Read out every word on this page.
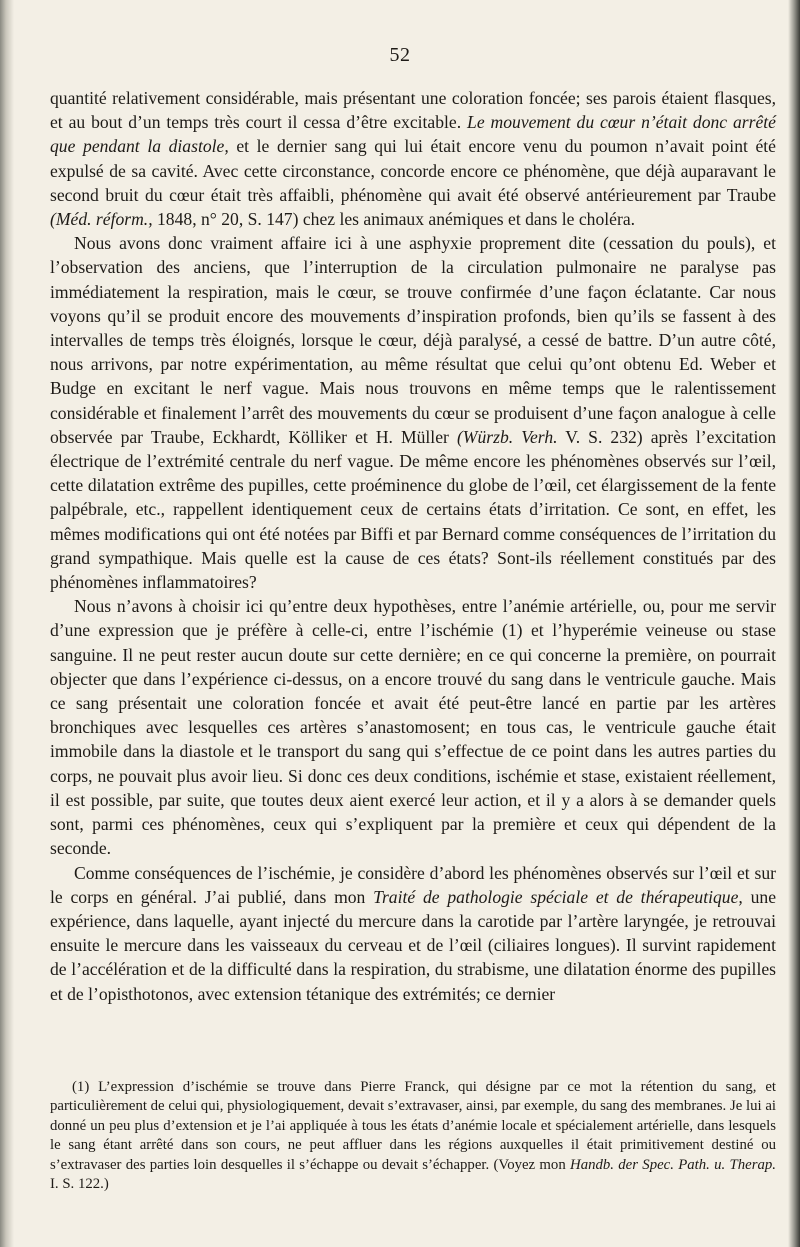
52

quantité relativement considérable, mais présentant une coloration foncée; ses parois étaient flasques, et au bout d’un temps très court il cessa d’être excitable. Le mouvement du cœur n’était donc arrêté que pendant la diastole, et le dernier sang qui lui était encore venu du poumon n’avait point été expulsé de sa cavité. Avec cette circonstance, concorde encore ce phénomène, que déjà auparavant le second bruit du cœur était très affaibli, phénomène qui avait été observé antérieurement par Traube (Méd. réform., 1848, n° 20, S. 147) chez les animaux anémiques et dans le choléra.

Nous avons donc vraiment affaire ici à une asphyxie proprement dite (cessation du pouls), et l’observation des anciens, que l’interruption de la circulation pulmonaire ne paralyse pas immédiatement la respiration, mais le cœur, se trouve confirmée d’une façon éclatante. Car nous voyons qu’il se produit encore des mouvements d’inspiration profonds, bien qu’ils se fassent à des intervalles de temps très éloignés, lorsque le cœur, déjà paralysé, a cessé de battre. D’un autre côté, nous arrivons, par notre expérimentation, au même résultat que celui qu’ont obtenu Ed. Weber et Budge en excitant le nerf vague. Mais nous trouvons en même temps que le ralentissement considérable et finalement l’arrêt des mouvements du cœur se produisent d’une façon analogue à celle observée par Traube, Eckhardt, Kölliker et H. Müller (Würzb. Verh. V. S. 232) après l’excitation électrique de l’extrémité centrale du nerf vague. De même encore les phénomènes observés sur l’œil, cette dilatation extrême des pupilles, cette proéminence du globe de l’œil, cet élargissement de la fente palpébrale, etc., rappellent identiquement ceux de certains états d’irritation. Ce sont, en effet, les mêmes modifications qui ont été notées par Biffi et par Bernard comme conséquences de l’irritation du grand sympathique. Mais quelle est la cause de ces états? Sont-ils réellement constitués par des phénomènes inflammatoires?

Nous n’avons à choisir ici qu’entre deux hypothèses, entre l’anémie artérielle, ou, pour me servir d’une expression que je préfère à celle-ci, entre l’ischémie (1) et l’hyperémie veineuse ou stase sanguine. Il ne peut rester aucun doute sur cette dernière; en ce qui concerne la première, on pourrait objecter que dans l’expérience ci-dessus, on a encore trouvé du sang dans le ventricule gauche. Mais ce sang présentait une coloration foncée et avait été peut-être lancé en partie par les artères bronchiques avec lesquelles ces artères s’anastomosent; en tous cas, le ventricule gauche était immobile dans la diastole et le transport du sang qui s’effectue de ce point dans les autres parties du corps, ne pouvait plus avoir lieu. Si donc ces deux conditions, ischémie et stase, existaient réellement, il est possible, par suite, que toutes deux aient exercé leur action, et il y a alors à se demander quels sont, parmi ces phénomènes, ceux qui s’expliquent par la première et ceux qui dépendent de la seconde.

Comme conséquences de l’ischémie, je considère d’abord les phénomènes observés sur l’œil et sur le corps en général. J’ai publié, dans mon Traité de pathologie spéciale et de thérapeutique, une expérience, dans laquelle, ayant injecté du mercure dans la carotide par l’artère laryngée, je retrouvai ensuite le mercure dans les vaisseaux du cerveau et de l’œil (ciliaires longues). Il survint rapidement de l’accélération et de la difficulté dans la respiration, du strabisme, une dilatation énorme des pupilles et de l’opisthotonos, avec extension tétanique des extrémités; ce dernier

(1) L’expression d’ischémie se trouve dans Pierre Franck, qui désigne par ce mot la rétention du sang, et particulièrement de celui qui, physiologiquement, devait s’extravaser, ainsi, par exemple, du sang des membranes. Je lui ai donné un peu plus d’extension et je l’ai appliquée à tous les états d’anémie locale et spécialement artérielle, dans lesquels le sang étant arrêté dans son cours, ne peut affluer dans les régions auxquelles il était primitivement destiné ou s’extravaser des parties loin desquelles il s’échappe ou devait s’échapper. (Voyez mon Handb. der Spec. Path. u. Therap. I. S. 122.)
